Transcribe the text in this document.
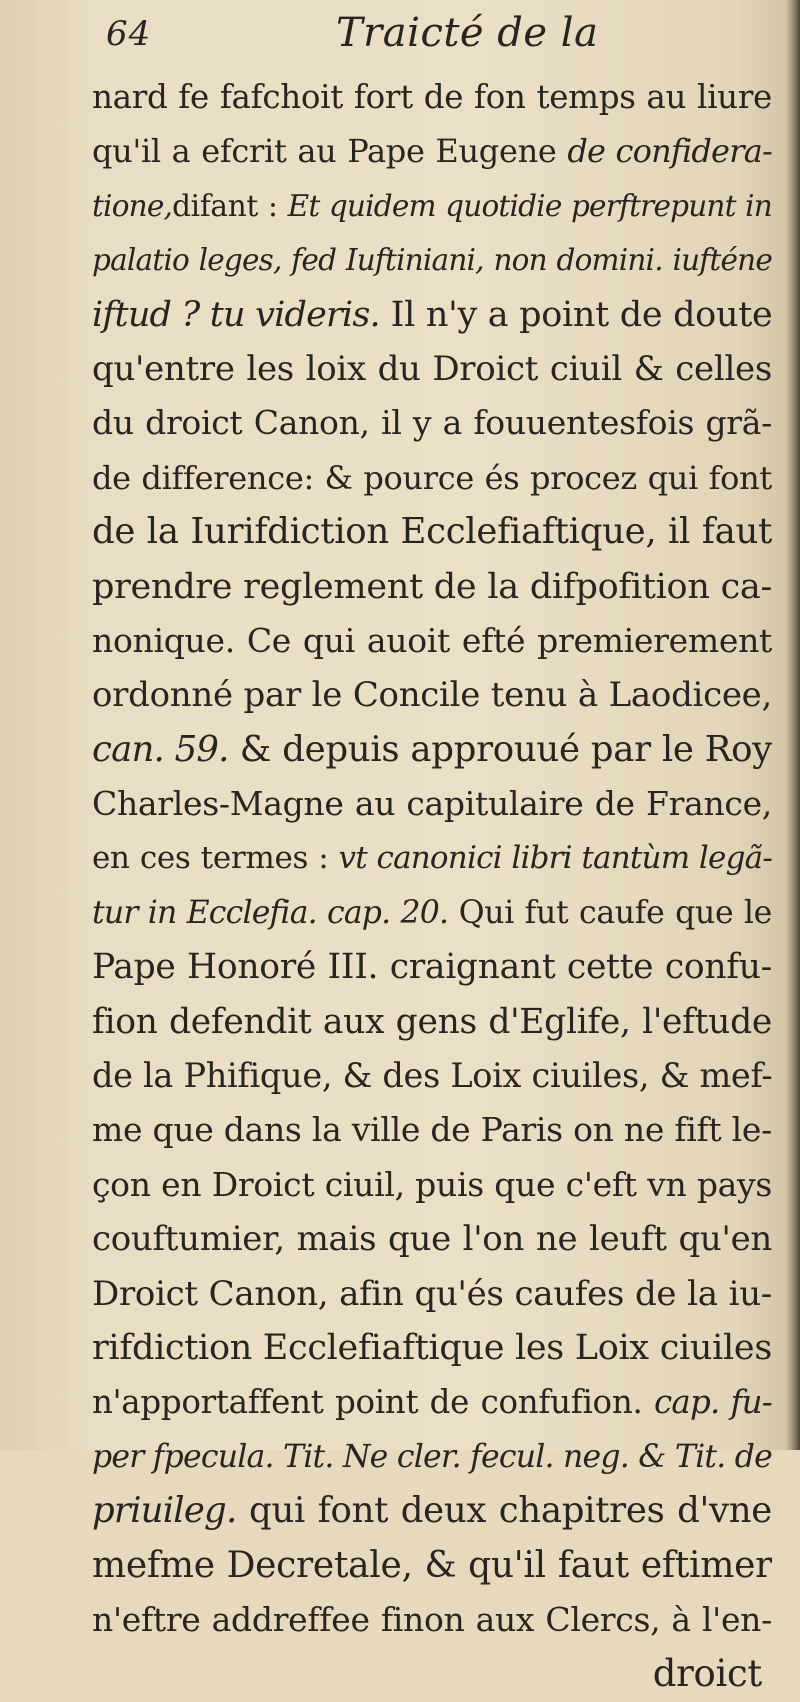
64	Traicté de la
nard fe fafchoit fort de fon temps au liure
qu'il a efcrit au Pape Eugene de confidera-
tione,difant : Et quidem quotidie perftrepunt in
palatio leges, fed Iuftiniani, non domini. iufténe
iftud ? tu videris. Il n'y a point de doute
qu'entre les loix du Droict ciuil & celles
du droict Canon, il y a fouuentesfois grã-
de difference: & pource és procez qui font
de la Iurifdiction Ecclefiaftique, il faut
prendre reglement de la difpofition ca-
nonique. Ce qui auoit efté premierement
ordonné par le Concile tenu à Laodicee,
can. 59. & depuis approuué par le Roy
Charles-Magne au capitulaire de France,
en ces termes : vt canonici libri tantùm legã-
tur in Ecclefia. cap. 20. Qui fut caufe que le
Pape Honoré III. craignant cette confu-
fion defendit aux gens d'Eglife, l'eftude
de la Phifique, & des Loix ciuiles, & mef-
me que dans la ville de Paris on ne fift le-
çon en Droict ciuil, puis que c'eft vn pays
couftumier, mais que l'on ne leuft qu'en
Droict Canon, afin qu'és caufes de la iu-
rifdiction Ecclefiaftique les Loix ciuiles
n'apportaffent point de confufion. cap. fu-
per fpecula. Tit. Ne cler. fecul. neg. & Tit. de
priuileg. qui font deux chapitres d'vne
mefme Decretale, & qu'il faut eftimer
n'eftre addreffee finon aux Clercs, à l'en-
droict
